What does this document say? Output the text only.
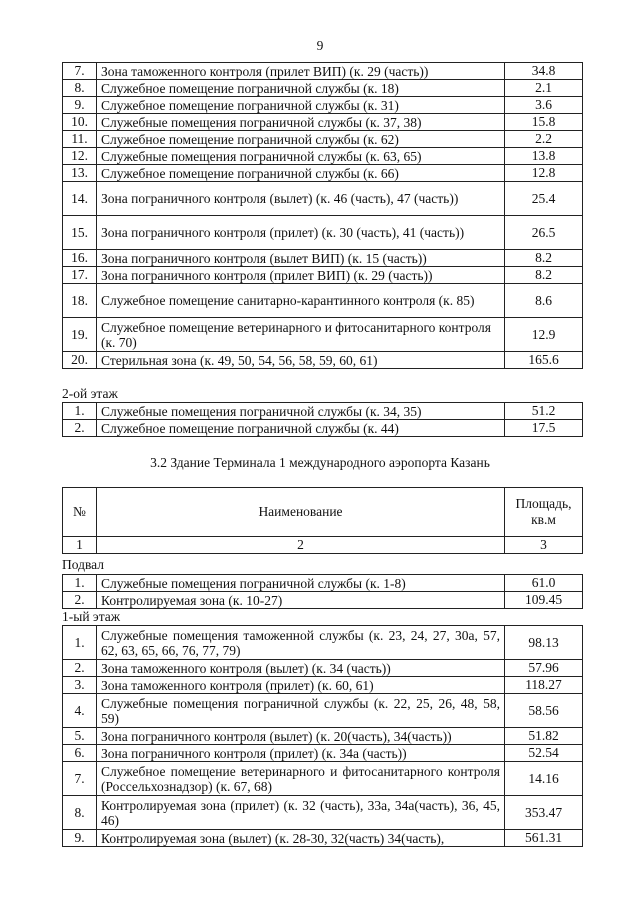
9
7.	Зона таможенного контроля (прилет ВИП) (к. 29 (часть))	34.8
8.	Служебное помещение пограничной службы (к. 18)	2.1
9.	Служебное помещение пограничной службы (к. 31)	3.6
10.	Служебные помещения пограничной службы (к. 37, 38)	15.8
11.	Служебное помещение пограничной службы (к. 62)	2.2
12.	Служебные помещения пограничной службы (к. 63, 65)	13.8
13.	Служебное помещение пограничной службы (к. 66)	12.8
14.	Зона пограничного контроля (вылет) (к. 46 (часть), 47 (часть))	25.4
15.	Зона пограничного контроля (прилет) (к. 30 (часть), 41 (часть))	26.5
16.	Зона пограничного контроля (вылет ВИП) (к. 15 (часть))	8.2
17.	Зона пограничного контроля (прилет ВИП) (к. 29 (часть))	8.2
18.	Служебное помещение санитарно-карантинного контроля (к. 85)	8.6
19.	Служебное помещение ветеринарного и фитосанитарного контроля (к. 70)	12.9
20.	Стерильная зона (к. 49, 50, 54, 56, 58, 59, 60, 61)	165.6
2-ой этаж
1.	Служебные помещения пограничной службы (к. 34, 35)	51.2
2.	Служебное помещение пограничной службы (к. 44)	17.5
3.2 Здание Терминала 1 международного аэропорта Казань
№	Наименование	Площадь, кв.м
1	2	3
Подвал
1.	Служебные помещения пограничной службы (к. 1-8)	61.0
2.	Контролируемая зона (к. 10-27)	109.45
1-ый этаж
1.	Служебные помещения таможенной службы (к. 23, 24, 27, 30а, 57, 62, 63, 65, 66, 76, 77, 79)	98.13
2.	Зона таможенного контроля (вылет) (к. 34 (часть))	57.96
3.	Зона таможенного контроля (прилет) (к. 60, 61)	118.27
4.	Служебные помещения пограничной службы (к. 22, 25, 26, 48, 58, 59)	58.56
5.	Зона пограничного контроля (вылет) (к. 20(часть), 34(часть))	51.82
6.	Зона пограничного контроля (прилет) (к. 34а (часть))	52.54
7.	Служебное помещение ветеринарного и фитосанитарного контроля (Россельхознадзор) (к. 67, 68)	14.16
8.	Контролируемая зона (прилет) (к. 32 (часть), 33а, 34а(часть), 36, 45, 46)	353.47
9.	Контролируемая зона (вылет) (к. 28-30, 32(часть) 34(часть),	561.31
